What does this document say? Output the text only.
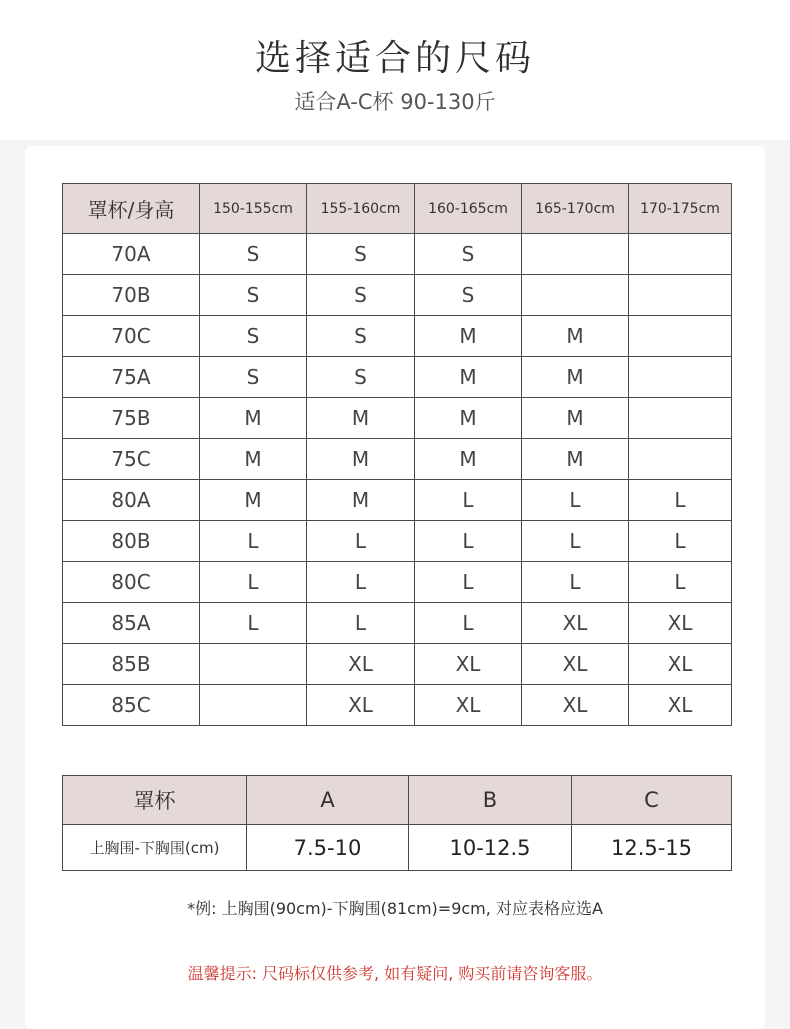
选择适合的尺码
适合A-C杯 90-130斤
罩杯/身高	150-155cm	155-160cm	160-165cm	165-170cm	170-175cm
70A	S	S	S		
70B	S	S	S		
70C	S	S	M	M	
75A	S	S	M	M	
75B	M	M	M	M	
75C	M	M	M	M	
80A	M	M	L	L	L
80B	L	L	L	L	L
80C	L	L	L	L	L
85A	L	L	L	XL	XL
85B		XL	XL	XL	XL
85C		XL	XL	XL	XL
罩杯	A	B	C
上胸围-下胸围(cm)	7.5-10	10-12.5	12.5-15
*例: 上胸围(90cm)-下胸围(81cm)=9cm, 对应表格应选A
温馨提示: 尺码标仅供参考, 如有疑问, 购买前请咨询客服。
